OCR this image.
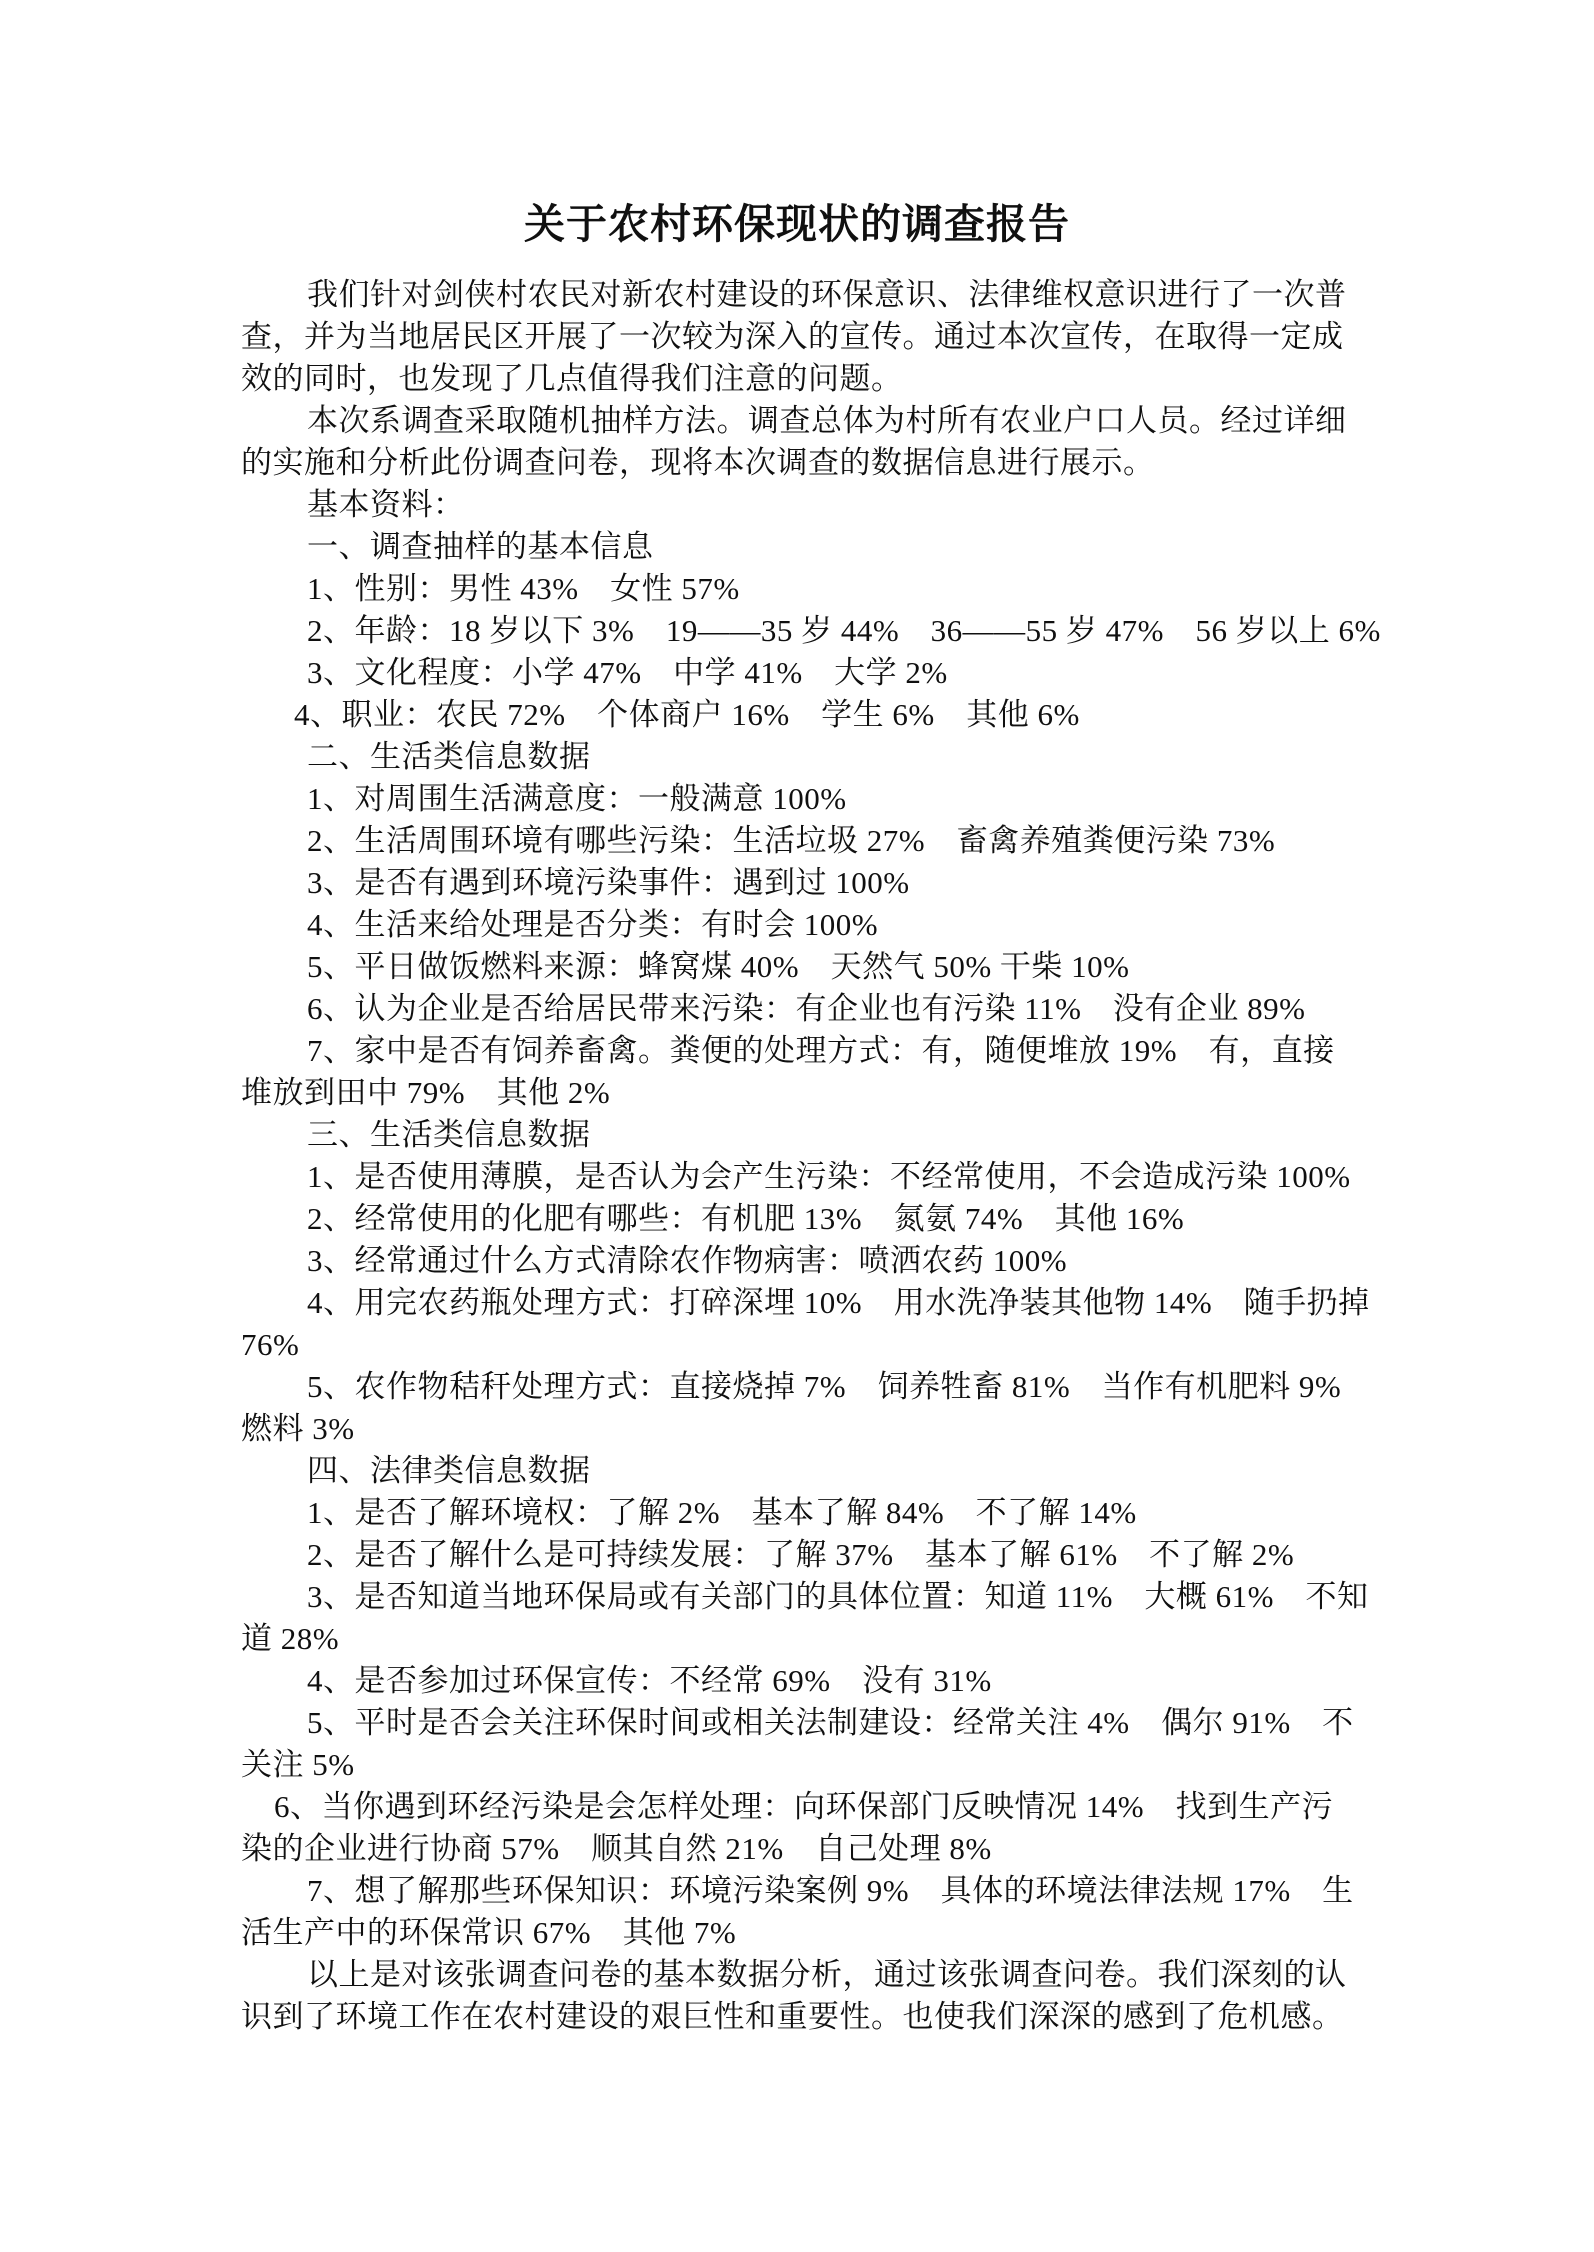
关于农村环保现状的调查报告
我们针对剑侠村农民对新农村建设的环保意识、法律维权意识进行了一次普
查，并为当地居民区开展了一次较为深入的宣传。通过本次宣传，在取得一定成
效的同时，也发现了几点值得我们注意的问题。
本次系调查采取随机抽样方法。调查总体为村所有农业户口人员。经过详细
的实施和分析此份调查问卷，现将本次调查的数据信息进行展示。
基本资料：
一、调查抽样的基本信息
1、性别：男性 43%　女性 57%
2、年龄：18 岁以下 3%　19——35 岁 44%　36——55 岁 47%　56 岁以上 6%
3、文化程度：小学 47%　中学 41%　大学 2%
4、职业：农民 72%　个体商户 16%　学生 6%　其他 6%
二、生活类信息数据
1、对周围生活满意度：一般满意 100%
2、生活周围环境有哪些污染：生活垃圾 27%　畜禽养殖粪便污染 73%
3、是否有遇到环境污染事件：遇到过 100%
4、生活来给处理是否分类：有时会 100%
5、平日做饭燃料来源：蜂窝煤 40%　天然气 50% 干柴 10%
6、认为企业是否给居民带来污染：有企业也有污染 11%　没有企业 89%
7、家中是否有饲养畜禽。粪便的处理方式：有，随便堆放 19%　有，直接
堆放到田中 79%　其他 2%
三、生活类信息数据
1、是否使用薄膜，是否认为会产生污染：不经常使用，不会造成污染 100%
2、经常使用的化肥有哪些：有机肥 13%　氮氨 74%　其他 16%
3、经常通过什么方式清除农作物病害：喷洒农药 100%
4、用完农药瓶处理方式：打碎深埋 10%　用水洗净装其他物 14%　随手扔掉
76%
5、农作物秸秆处理方式：直接烧掉 7%　饲养牲畜 81%　当作有机肥料 9%
燃料 3%
四、法律类信息数据
1、是否了解环境权：了解 2%　基本了解 84%　不了解 14%
2、是否了解什么是可持续发展：了解 37%　基本了解 61%　不了解 2%
3、是否知道当地环保局或有关部门的具体位置：知道 11%　大概 61%　不知
道 28%
4、是否参加过环保宣传：不经常 69%　没有 31%
5、平时是否会关注环保时间或相关法制建设：经常关注 4%　偶尔 91%　不
关注 5%
6、当你遇到环经污染是会怎样处理：向环保部门反映情况 14%　找到生产污
染的企业进行协商 57%　顺其自然 21%　自己处理 8%
7、想了解那些环保知识：环境污染案例 9%　具体的环境法律法规 17%　生
活生产中的环保常识 67%　其他 7%
以上是对该张调查问卷的基本数据分析，通过该张调查问卷。我们深刻的认
识到了环境工作在农村建设的艰巨性和重要性。也使我们深深的感到了危机感。
